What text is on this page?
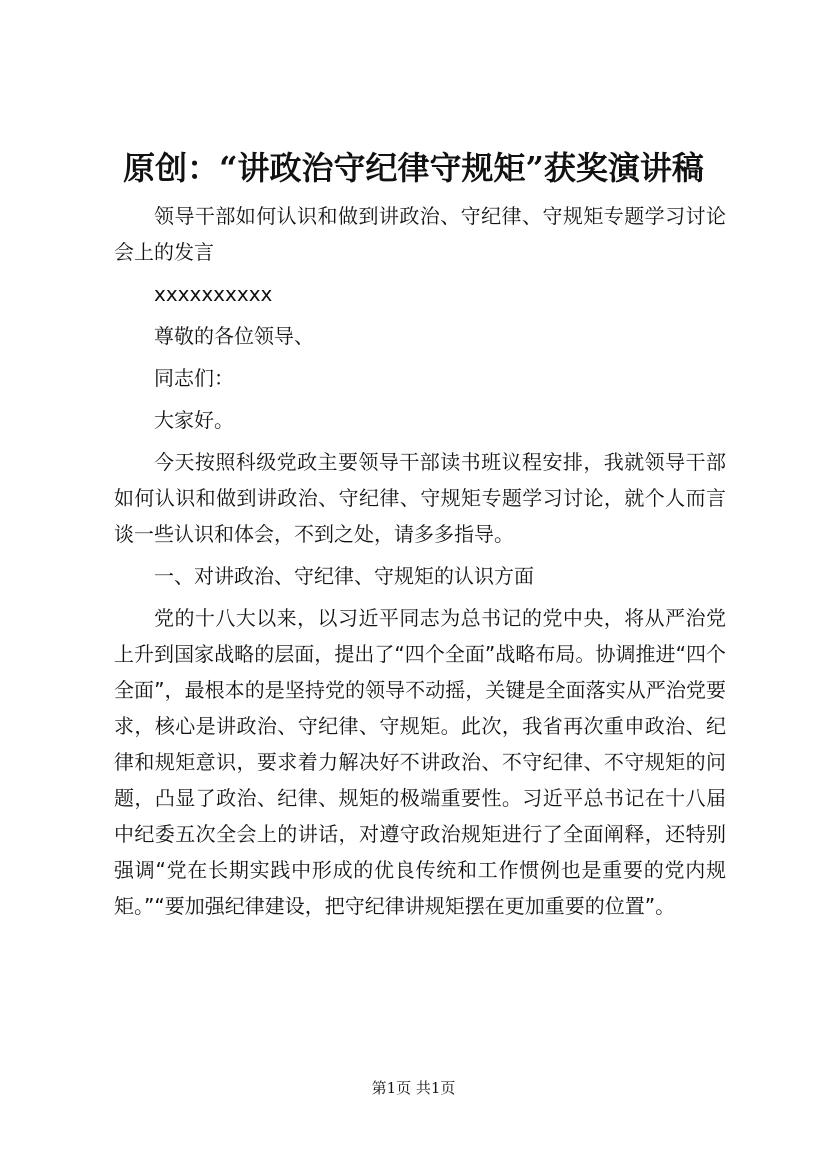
原创：“讲政治守纪律守规矩”获奖演讲稿

领导干部如何认识和做到讲政治、守纪律、守规矩专题学习讨论会上的发言

xxxxxxxxxx

尊敬的各位领导、

同志们：

大家好。

今天按照科级党政主要领导干部读书班议程安排，我就领导干部如何认识和做到讲政治、守纪律、守规矩专题学习讨论，就个人而言谈一些认识和体会，不到之处，请多多指导。

一、对讲政治、守纪律、守规矩的认识方面

党的十八大以来，以习近平同志为总书记的党中央，将从严治党上升到国家战略的层面，提出了“四个全面”战略布局。协调推进“四个全面”，最根本的是坚持党的领导不动摇，关键是全面落实从严治党要求，核心是讲政治、守纪律、守规矩。此次，我省再次重申政治、纪律和规矩意识，要求着力解决好不讲政治、不守纪律、不守规矩的问题，凸显了政治、纪律、规矩的极端重要性。习近平总书记在十八届中纪委五次全会上的讲话，对遵守政治规矩进行了全面阐释，还特别强调“党在长期实践中形成的优良传统和工作惯例也是重要的党内规矩。”“要加强纪律建设，把守纪律讲规矩摆在更加重要的位置”。

第1页 共1页
